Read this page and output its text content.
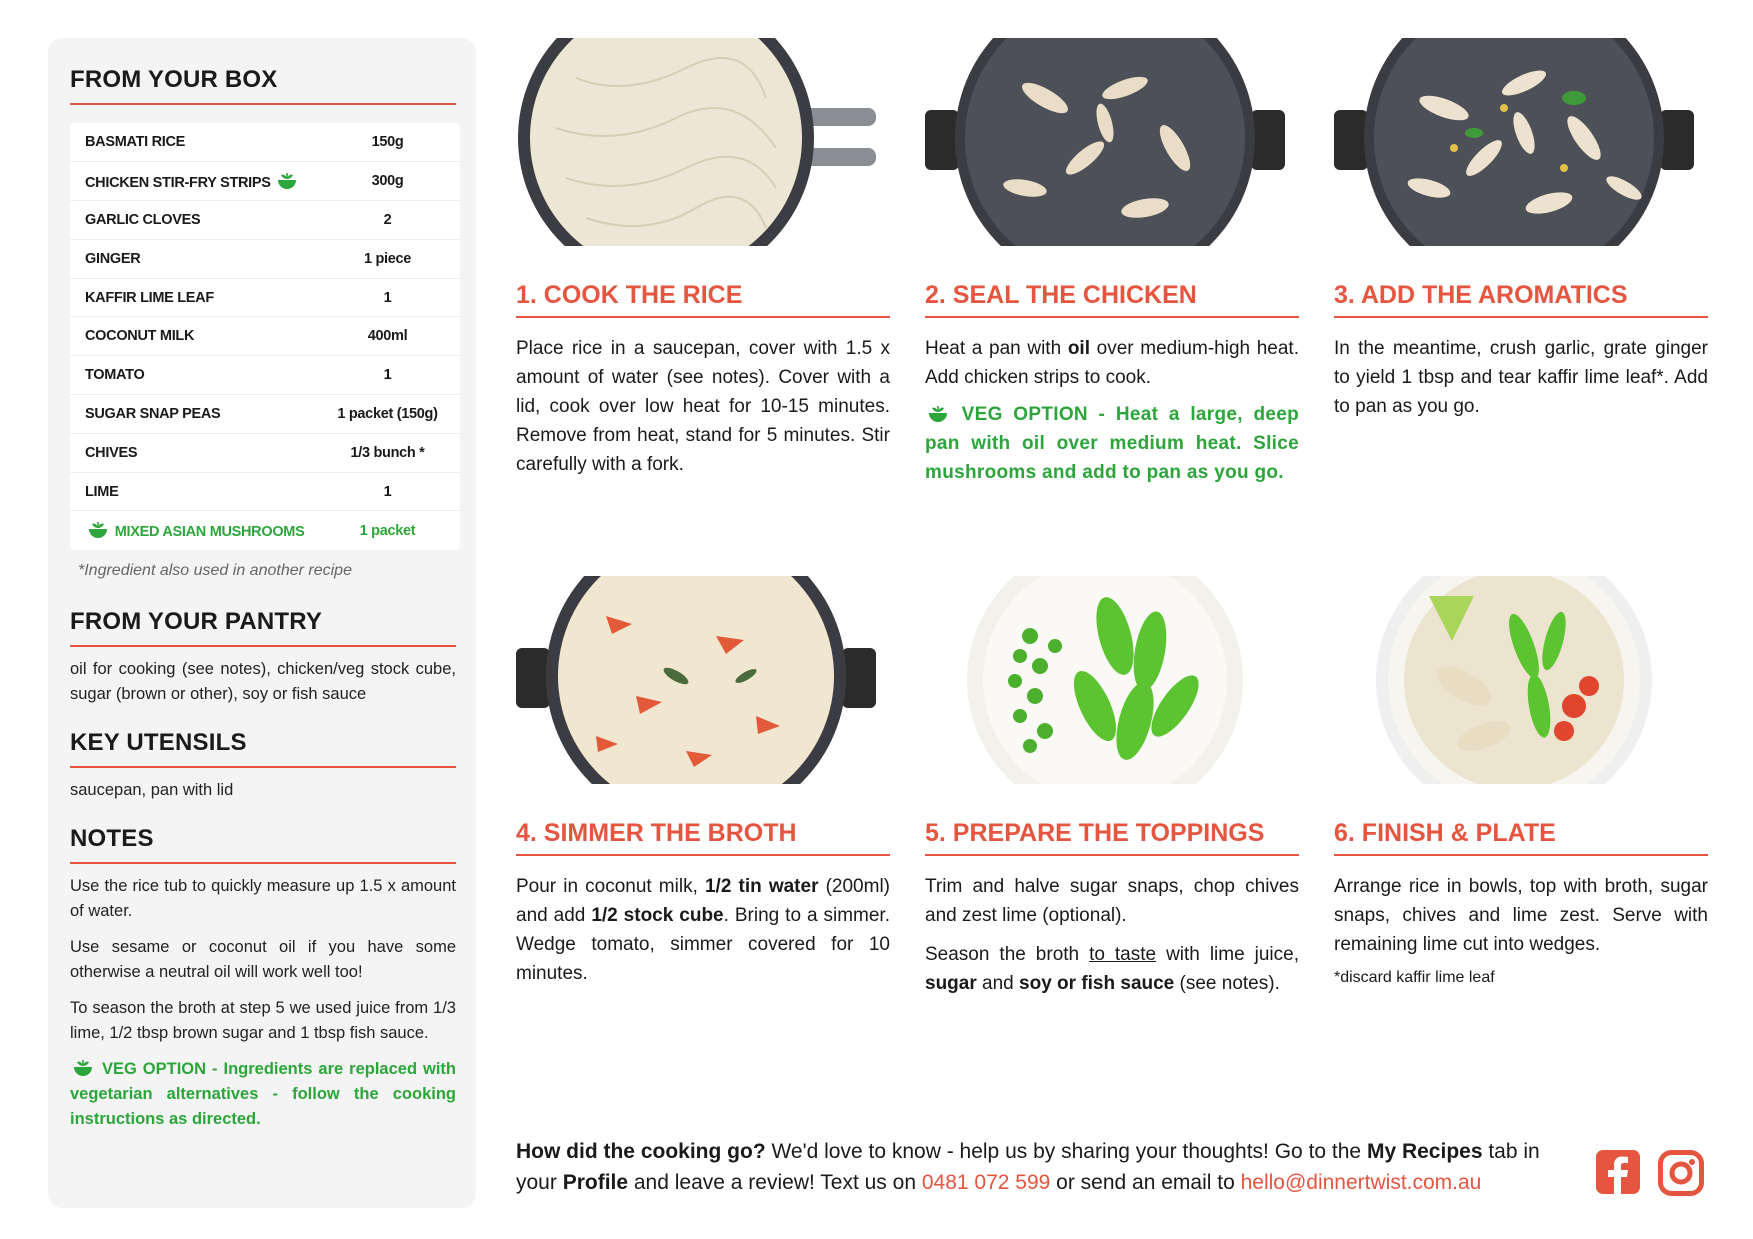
FROM YOUR BOX
BASMATI RICE	150g
CHICKEN STIR-FRY STRIPS	300g
GARLIC CLOVES	2
GINGER	1 piece
KAFFIR LIME LEAF	1
COCONUT MILK	400ml
TOMATO	1
SUGAR SNAP PEAS	1 packet (150g)
CHIVES	1/3 bunch *
LIME	1
MIXED ASIAN MUSHROOMS	1 packet

*Ingredient also used in another recipe

FROM YOUR PANTRY

oil for cooking (see notes), chicken/veg stock cube, sugar (brown or other), soy or fish sauce

KEY UTENSILS

saucepan, pan with lid

NOTES

Use the rice tub to quickly measure up 1.5 x amount of water.

Use sesame or coconut oil if you have some otherwise a neutral oil will work well too!

To season the broth at step 5 we used juice from 1/3 lime, 1/2 tbsp brown sugar and 1 tbsp fish sauce.

VEG OPTION - Ingredients are replaced with vegetarian alternatives - follow the cooking instructions as directed.

1. COOK THE RICE

Place rice in a saucepan, cover with 1.5 x amount of water (see notes). Cover with a lid, cook over low heat for 10-15 minutes. Remove from heat, stand for 5 minutes. Stir carefully with a fork.

2. SEAL THE CHICKEN

Heat a pan with oil over medium-high heat. Add chicken strips to cook.

VEG OPTION - Heat a large, deep pan with oil over medium heat. Slice mushrooms and add to pan as you go.

3. ADD THE AROMATICS

In the meantime, crush garlic, grate ginger to yield 1 tbsp and tear kaffir lime leaf*. Add to pan as you go.

4. SIMMER THE BROTH

Pour in coconut milk, 1/2 tin water (200ml) and add 1/2 stock cube. Bring to a simmer. Wedge tomato, simmer covered for 10 minutes.

5. PREPARE THE TOPPINGS

Trim and halve sugar snaps, chop chives and zest lime (optional).

Season the broth to taste with lime juice, sugar and soy or fish sauce (see notes).

6. FINISH & PLATE

Arrange rice in bowls, top with broth, sugar snaps, chives and lime zest. Serve with remaining lime cut into wedges.

*discard kaffir lime leaf

How did the cooking go? We'd love to know - help us by sharing your thoughts! Go to the My Recipes tab in your Profile and leave a review! Text us on 0481 072 599 or send an email to hello@dinnertwist.com.au
